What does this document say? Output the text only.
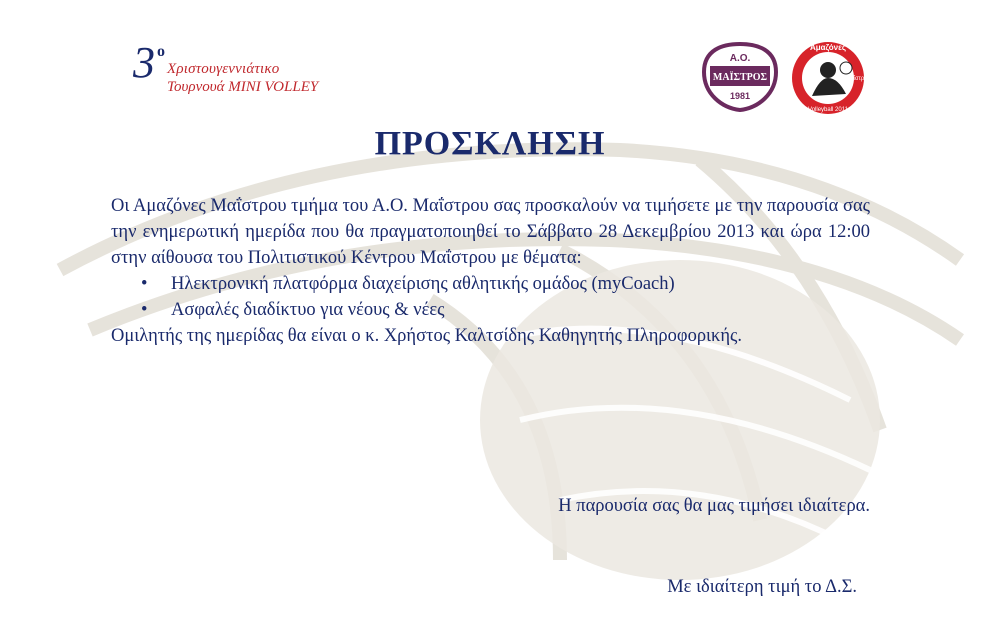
3 ο
Χριστουγεννιάτικο
Τουρνουά MINI VOLLEY
Α.Ο.
ΜΑΪΣΤΡΟΣ
1981
Αμαζόνες
Μαΐστρου
Volleyball 2011
ΠΡΟΣΚΛΗΣΗ

Οι Αμαζόνες Μαΐστρου τμήμα του Α.Ο. Μαΐστρου σας προσκαλούν να τιμήσετε με την παρουσία σας την ενημερωτική ημερίδα που θα πραγματοποιηθεί το Σάββατο 28 Δεκεμβρίου 2013 και ώρα 12:00 στην αίθουσα του Πολιτιστικού Κέντρου Μαΐστρου με θέματα:

• Ηλεκτρονική πλατφόρμα διαχείρισης αθλητικής ομάδος (myCoach)
• Ασφαλές διαδίκτυο για νέους & νέες

Ομιλητής της ημερίδας θα είναι ο κ. Χρήστος Καλτσίδης Καθηγητής Πληροφορικής.

Η παρουσία σας θα μας τιμήσει ιδιαίτερα.
Με ιδιαίτερη τιμή το Δ.Σ.
